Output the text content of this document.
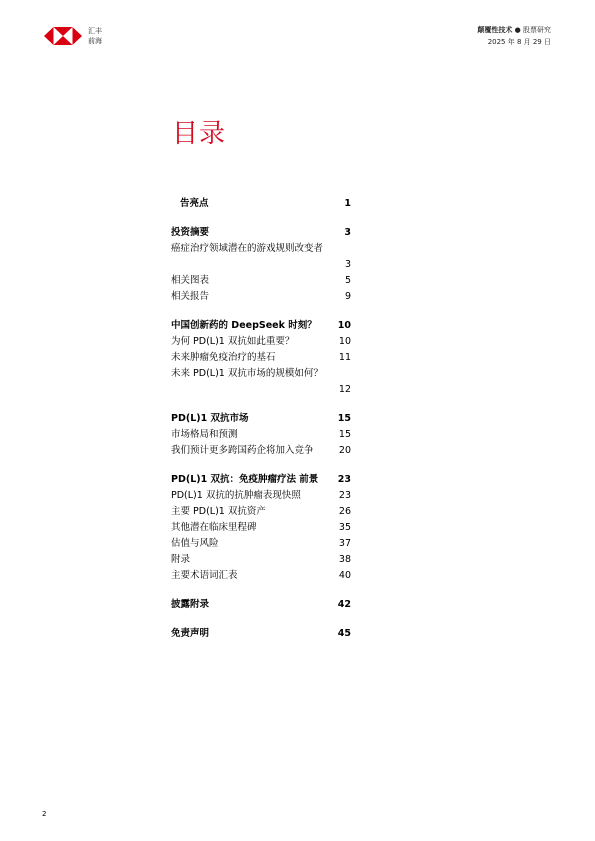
汇丰
前海
颠覆性技术 ● 股票研究
2025 年 8 月 29 日
目录
告亮点	1
投资摘要	3
癌症治疗领域潜在的游戏规则改变者
3
相关图表	5
相关报告	9
中国创新药的 DeepSeek 时刻？	10
为何 PD(L)1 双抗如此重要？	10
未来肿瘤免疫治疗的基石	11
未来 PD(L)1 双抗市场的规模如何？
12
PD(L)1 双抗市场	15
市场格局和预测	15
我们预计更多跨国药企将加入竞争	20
PD(L)1 双抗：免疫肿瘤疗法 前景	23
PD(L)1 双抗的抗肿瘤表现快照	23
主要 PD(L)1 双抗资产	26
其他潜在临床里程碑	35
估值与风险	37
附录	38
主要术语词汇表	40
披露附录	42
免责声明	45
2
